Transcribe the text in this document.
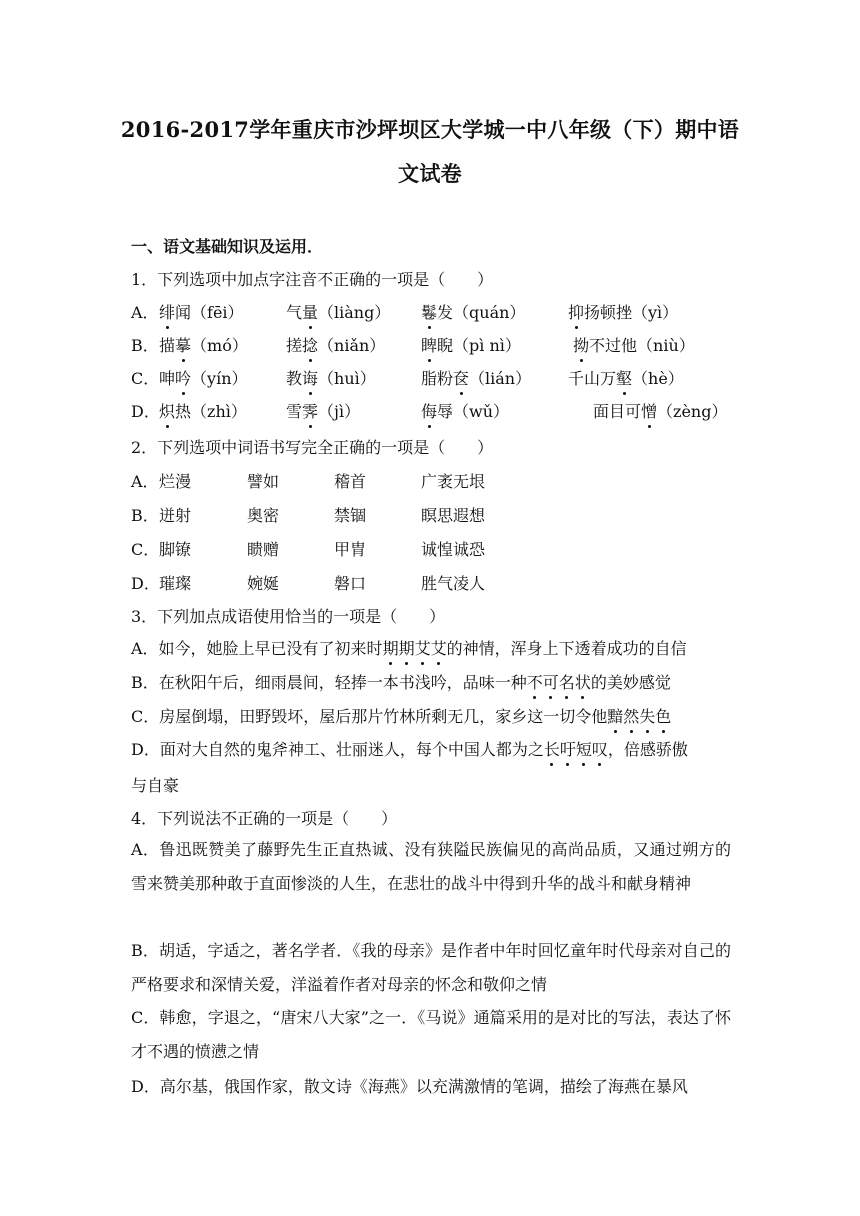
2016-2017学年重庆市沙坪坝区大学城一中八年级（下）期中语
文试卷
一、语文基础知识及运用．
1．下列选项中加点字注音不正确的一项是（　　）
A． 绯闻（fēi）	气量（liàng） 鬈发（quán）	抑扬顿挫（yì）
B． 描摹（mó） 搓捻（niǎn） 睥睨（pì nì）	拗不过他（niù）
C． 呻吟（yín） 教诲（huì）	脂粉奁（lián） 千山万壑（hè）
D． 炽热（zhì） 雪霁（jì）	侮辱（wǔ）	面目可憎（zèng）
2．下列选项中词语书写完全正确的一项是（　　）
A． 烂漫	譬如	稽首	广袤无垠
B． 迸射	奥密	禁锢	瞑思遐想
C． 脚镣	瞆赠	甲胄	诚惶诚恐
D． 璀璨	婉娫	磐口	胜气凌人
3．下列加点成语使用恰当的一项是（　　）
A．如今，她脸上早已没有了初来时期期艾艾的神情，浑身上下透着成功的自信
B．在秋阳午后，细雨晨间，轻捧一本书浅吟，品味一种不可名状的美妙感觉
C．房屋倒塌，田野毁坏，屋后那片竹林所剩无几，家乡这一切令他黯然失色
D．面对大自然的鬼斧神工、壮丽迷人，每个中国人都为之长吁短叹，倍感骄傲
与自豪
4．下列说法不正确的一项是（　　）
A．鲁迅既赞美了藤野先生正直热诚、没有狭隘民族偏见的高尚品质，又通过朔方的雪来赞美那种敢于直面惨淡的人生，在悲壮的战斗中得到升华的战斗和献身精神
B．胡适，字适之，著名学者．《我的母亲》是作者中年时回忆童年时代母亲对自己的严格要求和深情关爱，洋溢着作者对母亲的怀念和敬仰之情
C．韩愈，字退之，“唐宋八大家”之一．《马说》通篇采用的是对比的写法，表达了怀才不遇的愤懑之情
D．高尔基，俄国作家，散文诗《海燕》以充满激情的笔调，描绘了海燕在暴风
